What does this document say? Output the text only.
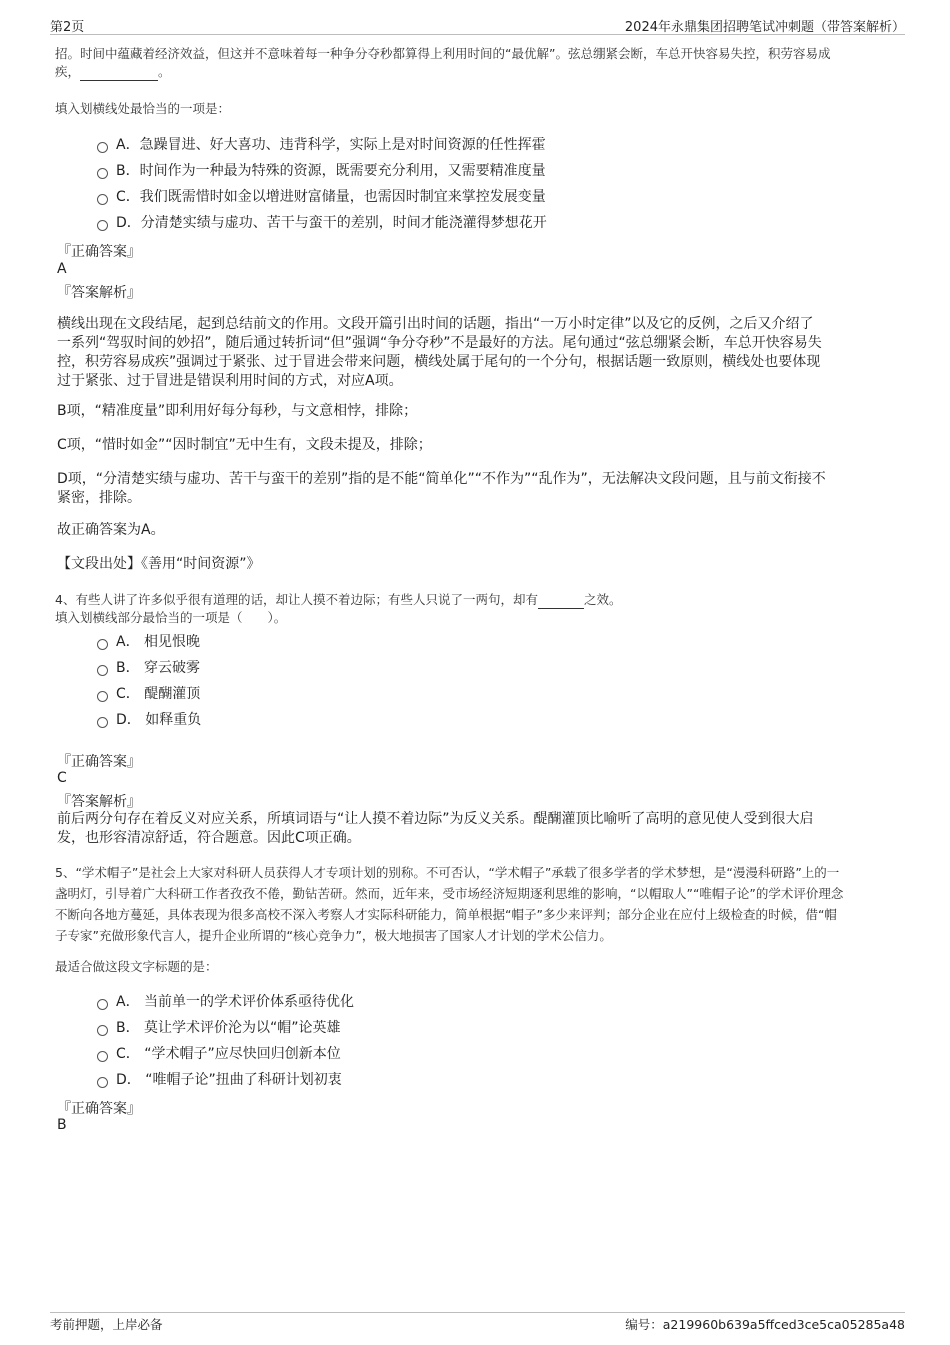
第2页	2024年永鼎集团招聘笔试冲刺题（带答案解析）
招。时间中蕴藏着经济效益，但这并不意味着每一种争分夺秒都算得上利用时间的“最优解”。弦总绷紧会断，车总开快容易失控，积劳容易成
疾，	。
填入划横线处最恰当的一项是：
A．急躁冒进、好大喜功、违背科学，实际上是对时间资源的任性挥霍
B．时间作为一种最为特殊的资源，既需要充分利用，又需要精准度量
C．我们既需惜时如金以增进财富储量，也需因时制宜来掌控发展变量
D．分清楚实绩与虚功、苦干与蛮干的差别，时间才能浇灌得梦想花开
『正确答案』
A
『答案解析』
横线出现在文段结尾，起到总结前文的作用。文段开篇引出时间的话题，指出“一万小时定律”以及它的反例，之后又介绍了
一系列“驾驭时间的妙招”，随后通过转折词“但”强调“争分夺秒”不是最好的方法。尾句通过“弦总绷紧会断，车总开快容易失
控，积劳容易成疾”强调过于紧张、过于冒进会带来问题，横线处属于尾句的一个分句，根据话题一致原则，横线处也要体现
过于紧张、过于冒进是错误利用时间的方式，对应A项。
B项，“精准度量”即利用好每分每秒，与文意相悖，排除；
C项，“惜时如金”“因时制宜”无中生有，文段未提及，排除；
D项，“分清楚实绩与虚功、苦干与蛮干的差别”指的是不能“简单化”“不作为”“乱作为”，无法解决文段问题，且与前文衔接不
紧密，排除。
故正确答案为A。
【文段出处】《善用“时间资源”》
4、有些人讲了许多似乎很有道理的话，却让人摸不着边际；有些人只说了一两句，却有	之效。
填入划横线部分最恰当的一项是（　　）。
A． 相见恨晚
B． 穿云破雾
C． 醍醐灌顶
D． 如释重负
『正确答案』
C
『答案解析』
前后两分句存在着反义对应关系，所填词语与“让人摸不着边际”为反义关系。醍醐灌顶比喻听了高明的意见使人受到很大启
发，也形容清凉舒适，符合题意。因此C项正确。
5、“学术帽子”是社会上大家对科研人员获得人才专项计划的别称。不可否认，“学术帽子”承载了很多学者的学术梦想，是“漫漫科研路”上的一
盏明灯，引导着广大科研工作者孜孜不倦，勤钻苦研。然而，近年来，受市场经济短期逐利思维的影响，“以帽取人”“唯帽子论”的学术评价理念
不断向各地方蔓延，具体表现为很多高校不深入考察人才实际科研能力，简单根据“帽子”多少来评判；部分企业在应付上级检查的时候，借“帽
子专家”充做形象代言人，提升企业所谓的“核心竞争力”，极大地损害了国家人才计划的学术公信力。
最适合做这段文字标题的是：
A． 当前单一的学术评价体系亟待优化
B． 莫让学术评价沦为以“帽”论英雄
C． “学术帽子”应尽快回归创新本位
D． “唯帽子论”扭曲了科研计划初衷
『正确答案』
B
考前押题，上岸必备	编号：a219960b639a5ffced3ce5ca05285a48
